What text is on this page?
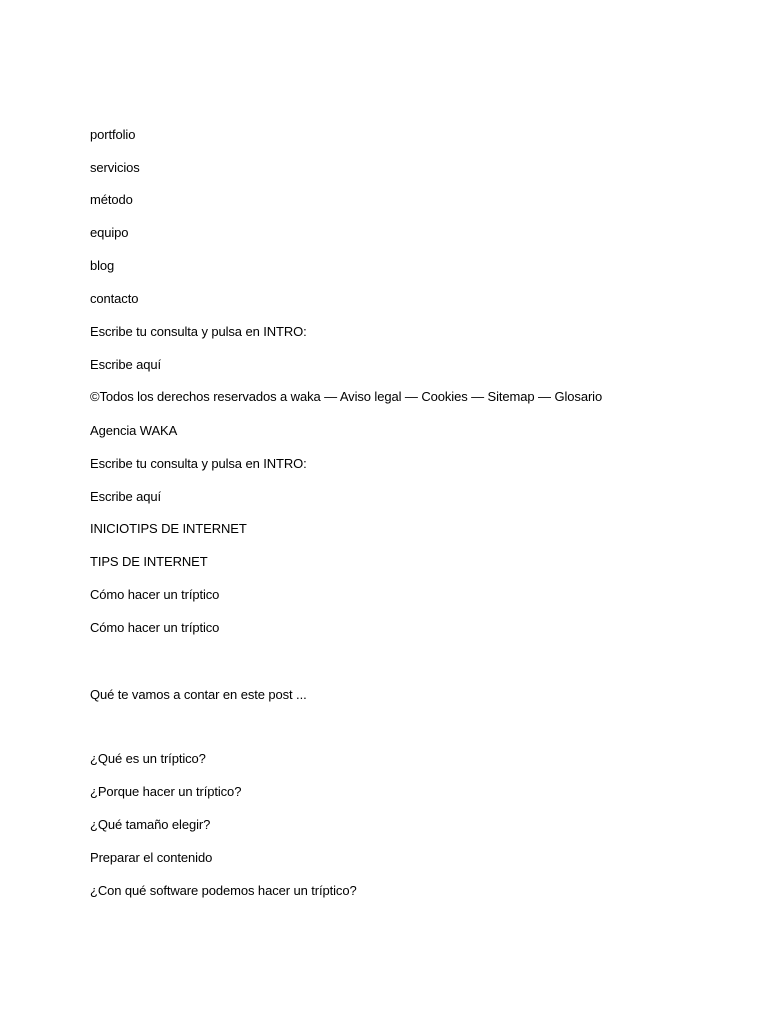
portfolio
servicios
método
equipo
blog
contacto
Escribe tu consulta y pulsa en INTRO:
Escribe aquí
©Todos los derechos reservados a waka — Aviso legal — Cookies — Sitemap — Glosario
Agencia WAKA
Escribe tu consulta y pulsa en INTRO:
Escribe aquí
INICIOTIPS DE INTERNET
TIPS DE INTERNET
Cómo hacer un tríptico
Cómo hacer un tríptico
Qué te vamos a contar en este post ...
¿Qué es un tríptico?
¿Porque hacer un tríptico?
¿Qué tamaño elegir?
Preparar el contenido
¿Con qué software podemos hacer un tríptico?
